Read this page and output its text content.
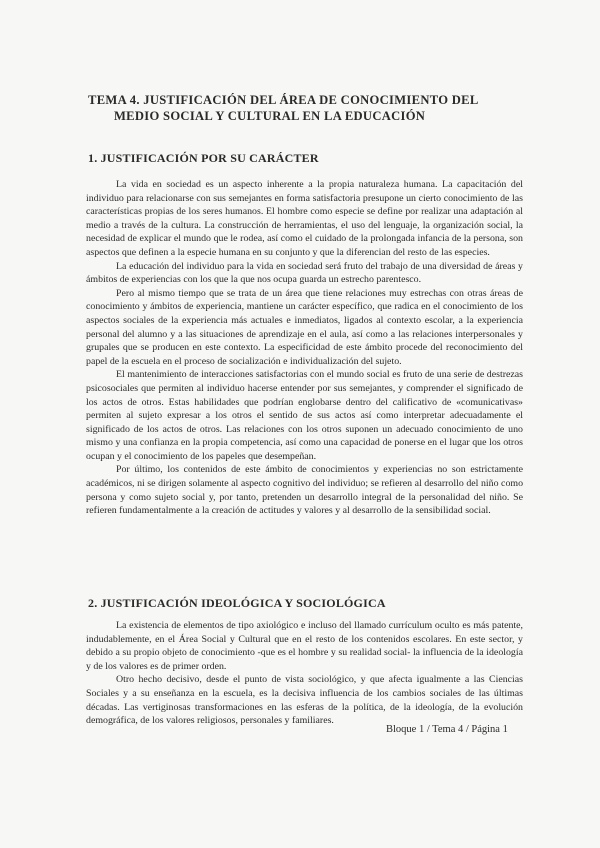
TEMA 4. JUSTIFICACIÓN DEL ÁREA DE CONOCIMIENTO DEL
MEDIO SOCIAL Y CULTURAL EN LA EDUCACIÓN
1. JUSTIFICACIÓN POR SU CARÁCTER

La vida en sociedad es un aspecto inherente a la propia naturaleza humana. La capacitación del individuo para relacionarse con sus semejantes en forma satisfactoria presupone un cierto conocimiento de las características propias de los seres humanos. El hombre como especie se define por realizar una adaptación al medio a través de la cultura. La construcción de herramientas, el uso del lenguaje, la organización social, la necesidad de explicar el mundo que le rodea, así como el cuidado de la prolongada infancia de la persona, son aspectos que definen a la especie humana en su conjunto y que la diferencian del resto de las especies.

La educación del individuo para la vida en sociedad será fruto del trabajo de una diversidad de áreas y ámbitos de experiencias con los que la que nos ocupa guarda un estrecho parentesco.

Pero al mismo tiempo que se trata de un área que tiene relaciones muy estrechas con otras áreas de conocimiento y ámbitos de experiencia, mantiene un carácter específico, que radica en el conocimiento de los aspectos sociales de la experiencia más actuales e inmediatos, ligados al contexto escolar, a la experiencia personal del alumno y a las situaciones de aprendizaje en el aula, así como a las relaciones interpersonales y grupales que se producen en este contexto. La especificidad de este ámbito procede del reconocimiento del papel de la escuela en el proceso de socialización e individualización del sujeto.

El mantenimiento de interacciones satisfactorias con el mundo social es fruto de una serie de destrezas psicosociales que permiten al individuo hacerse entender por sus semejantes, y comprender el significado de los actos de otros. Estas habilidades que podrían englobarse dentro del calificativo de «comunicativas» permiten al sujeto expresar a los otros el sentido de sus actos así como interpretar adecuadamente el significado de los actos de otros. Las relaciones con los otros suponen un adecuado conocimiento de uno mismo y una confianza en la propia competencia, así como una capacidad de ponerse en el lugar que los otros ocupan y el conocimiento de los papeles que desempeñan.

Por último, los contenidos de este ámbito de conocimientos y experiencias no son estrictamente académicos, ni se dirigen solamente al aspecto cognitivo del individuo; se refieren al desarrollo del niño como persona y como sujeto social y, por tanto, pretenden un desarrollo integral de la personalidad del niño. Se refieren fundamentalmente a la creación de actitudes y valores y al desarrollo de la sensibilidad social.

2. JUSTIFICACIÓN IDEOLÓGICA Y SOCIOLÓGICA

La existencia de elementos de tipo axiológico e incluso del llamado currículum oculto es más patente, indudablemente, en el Área Social y Cultural que en el resto de los contenidos escolares. En este sector, y debido a su propio objeto de conocimiento -que es el hombre y su realidad social- la influencia de la ideología y de los valores es de primer orden.

Otro hecho decisivo, desde el punto de vista sociológico, y que afecta igualmente a las Ciencias Sociales y a su enseñanza en la escuela, es la decisiva influencia de los cambios sociales de las últimas décadas. Las vertiginosas transformaciones en las esferas de la política, de la ideología, de la evolución demográfica, de los valores religiosos, personales y familiares.

Bloque 1 / Tema 4 / Página 1
